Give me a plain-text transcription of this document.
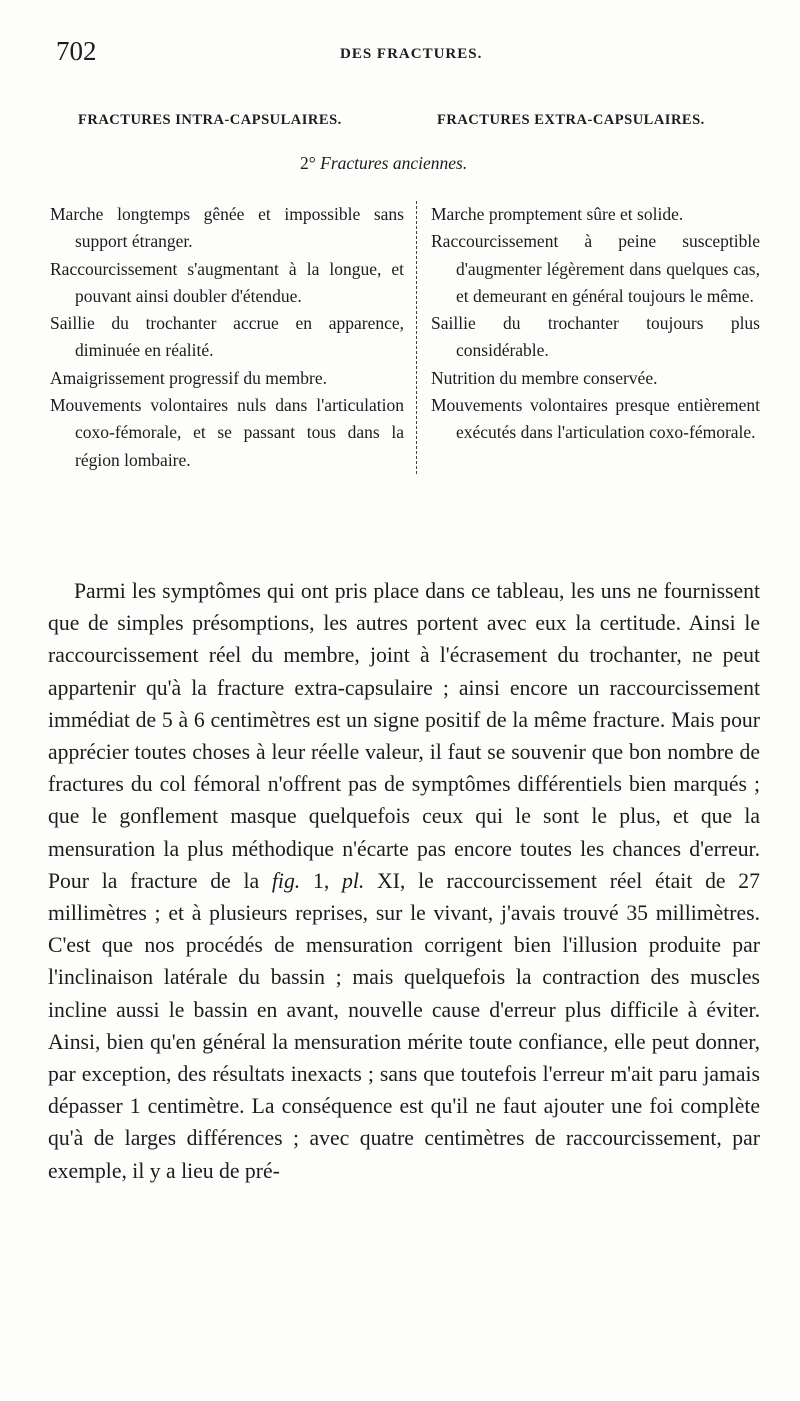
702	DES FRACTURES.
FRACTURES INTRA-CAPSULAIRES.	FRACTURES EXTRA-CAPSULAIRES.
2° Fractures anciennes.

Marche longtemps gênée et impossible sans support étranger.

Raccourcissement s'augmentant à la longue, et pouvant ainsi doubler d'étendue.

Saillie du trochanter accrue en apparence, diminuée en réalité.

Amaigrissement progressif du membre.

Mouvements volontaires nuls dans l'articulation coxo-fémorale, et se passant tous dans la région lombaire.

Marche promptement sûre et solide.

Raccourcissement à peine susceptible d'augmenter légèrement dans quelques cas, et demeurant en général toujours le même.

Saillie du trochanter toujours plus considérable.

Nutrition du membre conservée.

Mouvements volontaires presque entièrement exécutés dans l'articulation coxo-fémorale.

Parmi les symptômes qui ont pris place dans ce tableau, les uns ne fournissent que de simples présomptions, les autres portent avec eux la certitude. Ainsi le raccourcissement réel du membre, joint à l'écrasement du trochanter, ne peut appartenir qu'à la fracture extra-capsulaire ; ainsi encore un raccourcissement immédiat de 5 à 6 centimètres est un signe positif de la même fracture. Mais pour apprécier toutes choses à leur réelle valeur, il faut se souvenir que bon nombre de fractures du col fémoral n'offrent pas de symptômes différentiels bien marqués ; que le gonflement masque quelquefois ceux qui le sont le plus, et que la mensuration la plus méthodique n'écarte pas encore toutes les chances d'erreur. Pour la fracture de la fig. 1, pl. XI, le raccourcissement réel était de 27 millimètres ; et à plusieurs reprises, sur le vivant, j'avais trouvé 35 millimètres. C'est que nos procédés de mensuration corrigent bien l'illusion produite par l'inclinaison latérale du bassin ; mais quelquefois la contraction des muscles incline aussi le bassin en avant, nouvelle cause d'erreur plus difficile à éviter. Ainsi, bien qu'en général la mensuration mérite toute confiance, elle peut donner, par exception, des résultats inexacts ; sans que toutefois l'erreur m'ait paru jamais dépasser 1 centimètre. La conséquence est qu'il ne faut ajouter une foi complète qu'à de larges différences ; avec quatre centimètres de raccourcissement, par exemple, il y a lieu de pré-
